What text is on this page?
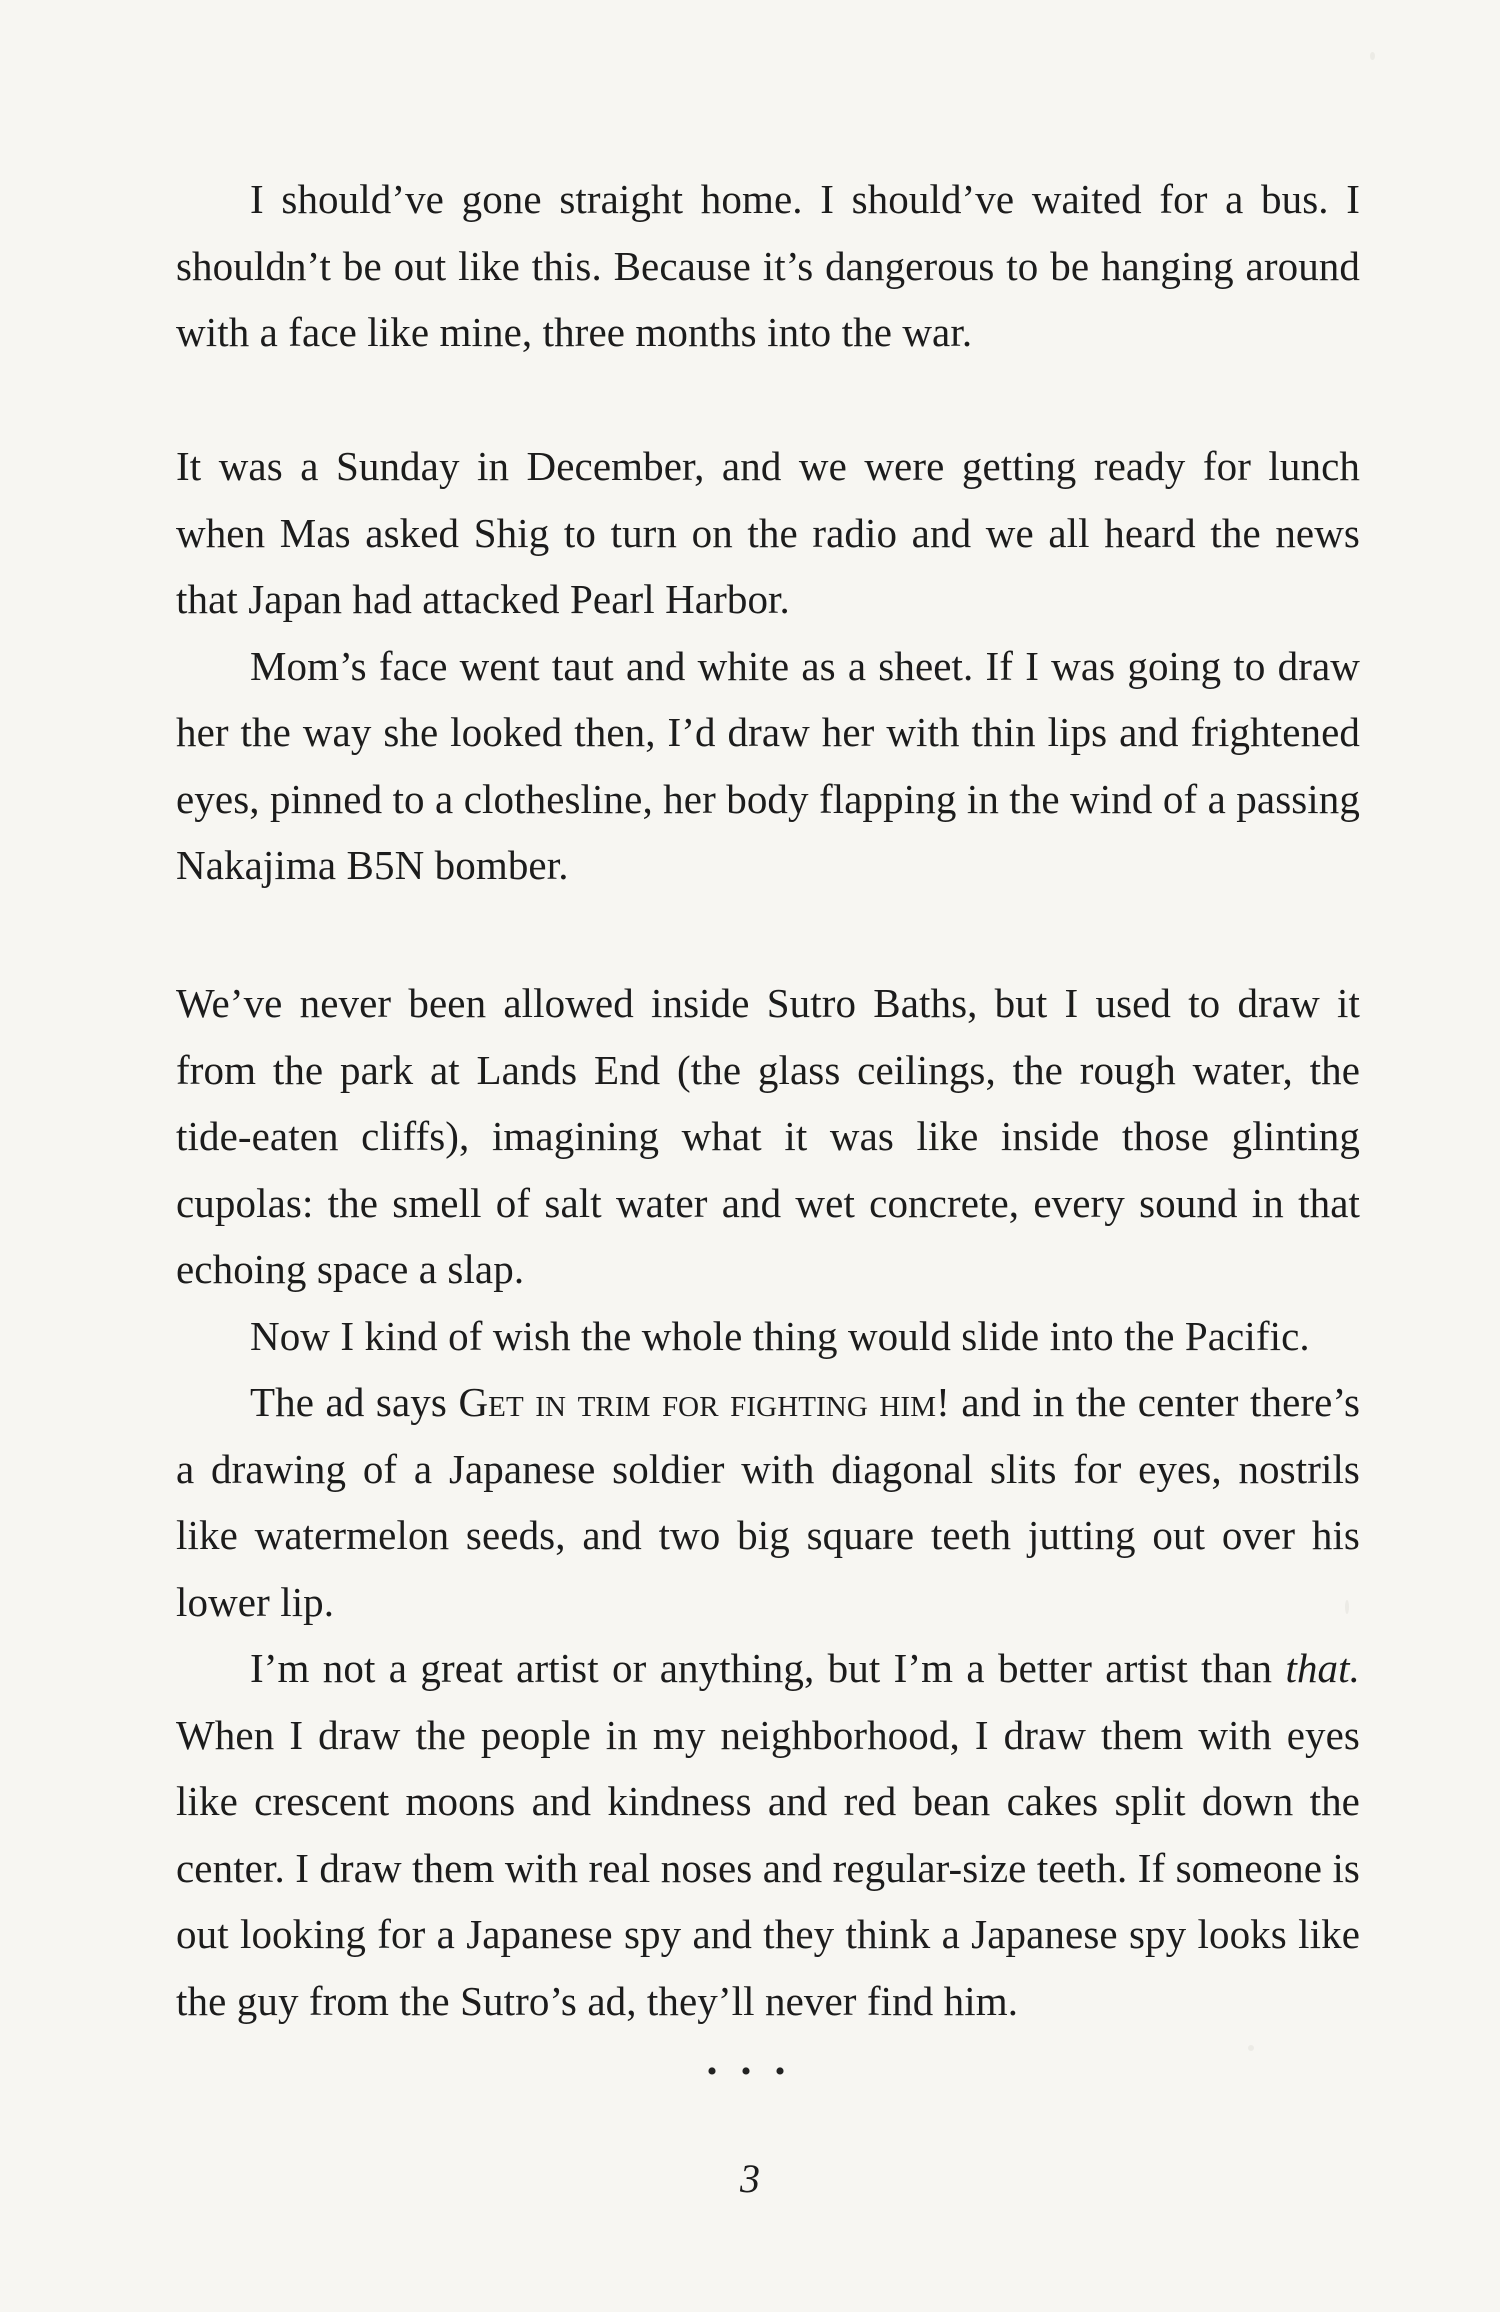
I should’ve gone straight home. I should’ve waited for a bus. I shouldn’t be out like this. Because it’s dangerous to be hanging around with a face like mine, three months into the war.

It was a Sunday in December, and we were getting ready for lunch when Mas asked Shig to turn on the radio and we all heard the news that Japan had attacked Pearl Harbor.

Mom’s face went taut and white as a sheet. If I was going to draw her the way she looked then, I’d draw her with thin lips and frightened eyes, pinned to a clothesline, her body flapping in the wind of a passing Nakajima B5N bomber.

We’ve never been allowed inside Sutro Baths, but I used to draw it from the park at Lands End (the glass ceilings, the rough water, the tide-eaten cliffs), imagining what it was like inside those glinting cupolas: the smell of salt water and wet concrete, every sound in that echoing space a slap.

Now I kind of wish the whole thing would slide into the Pacific.

The ad says Get in trim for fighting him! and in the center there’s a drawing of a Japanese soldier with diagonal slits for eyes, nostrils like watermelon seeds, and two big square teeth jutting out over his lower lip.

I’m not a great artist or anything, but I’m a better artist than that. When I draw the people in my neighborhood, I draw them with eyes like crescent moons and kindness and red bean cakes split down the center. I draw them with real noses and regular-size teeth. If someone is out looking for a Japanese spy and they think a Japanese spy looks like the guy from the Sutro’s ad, they’ll never find him.

• • •
3
